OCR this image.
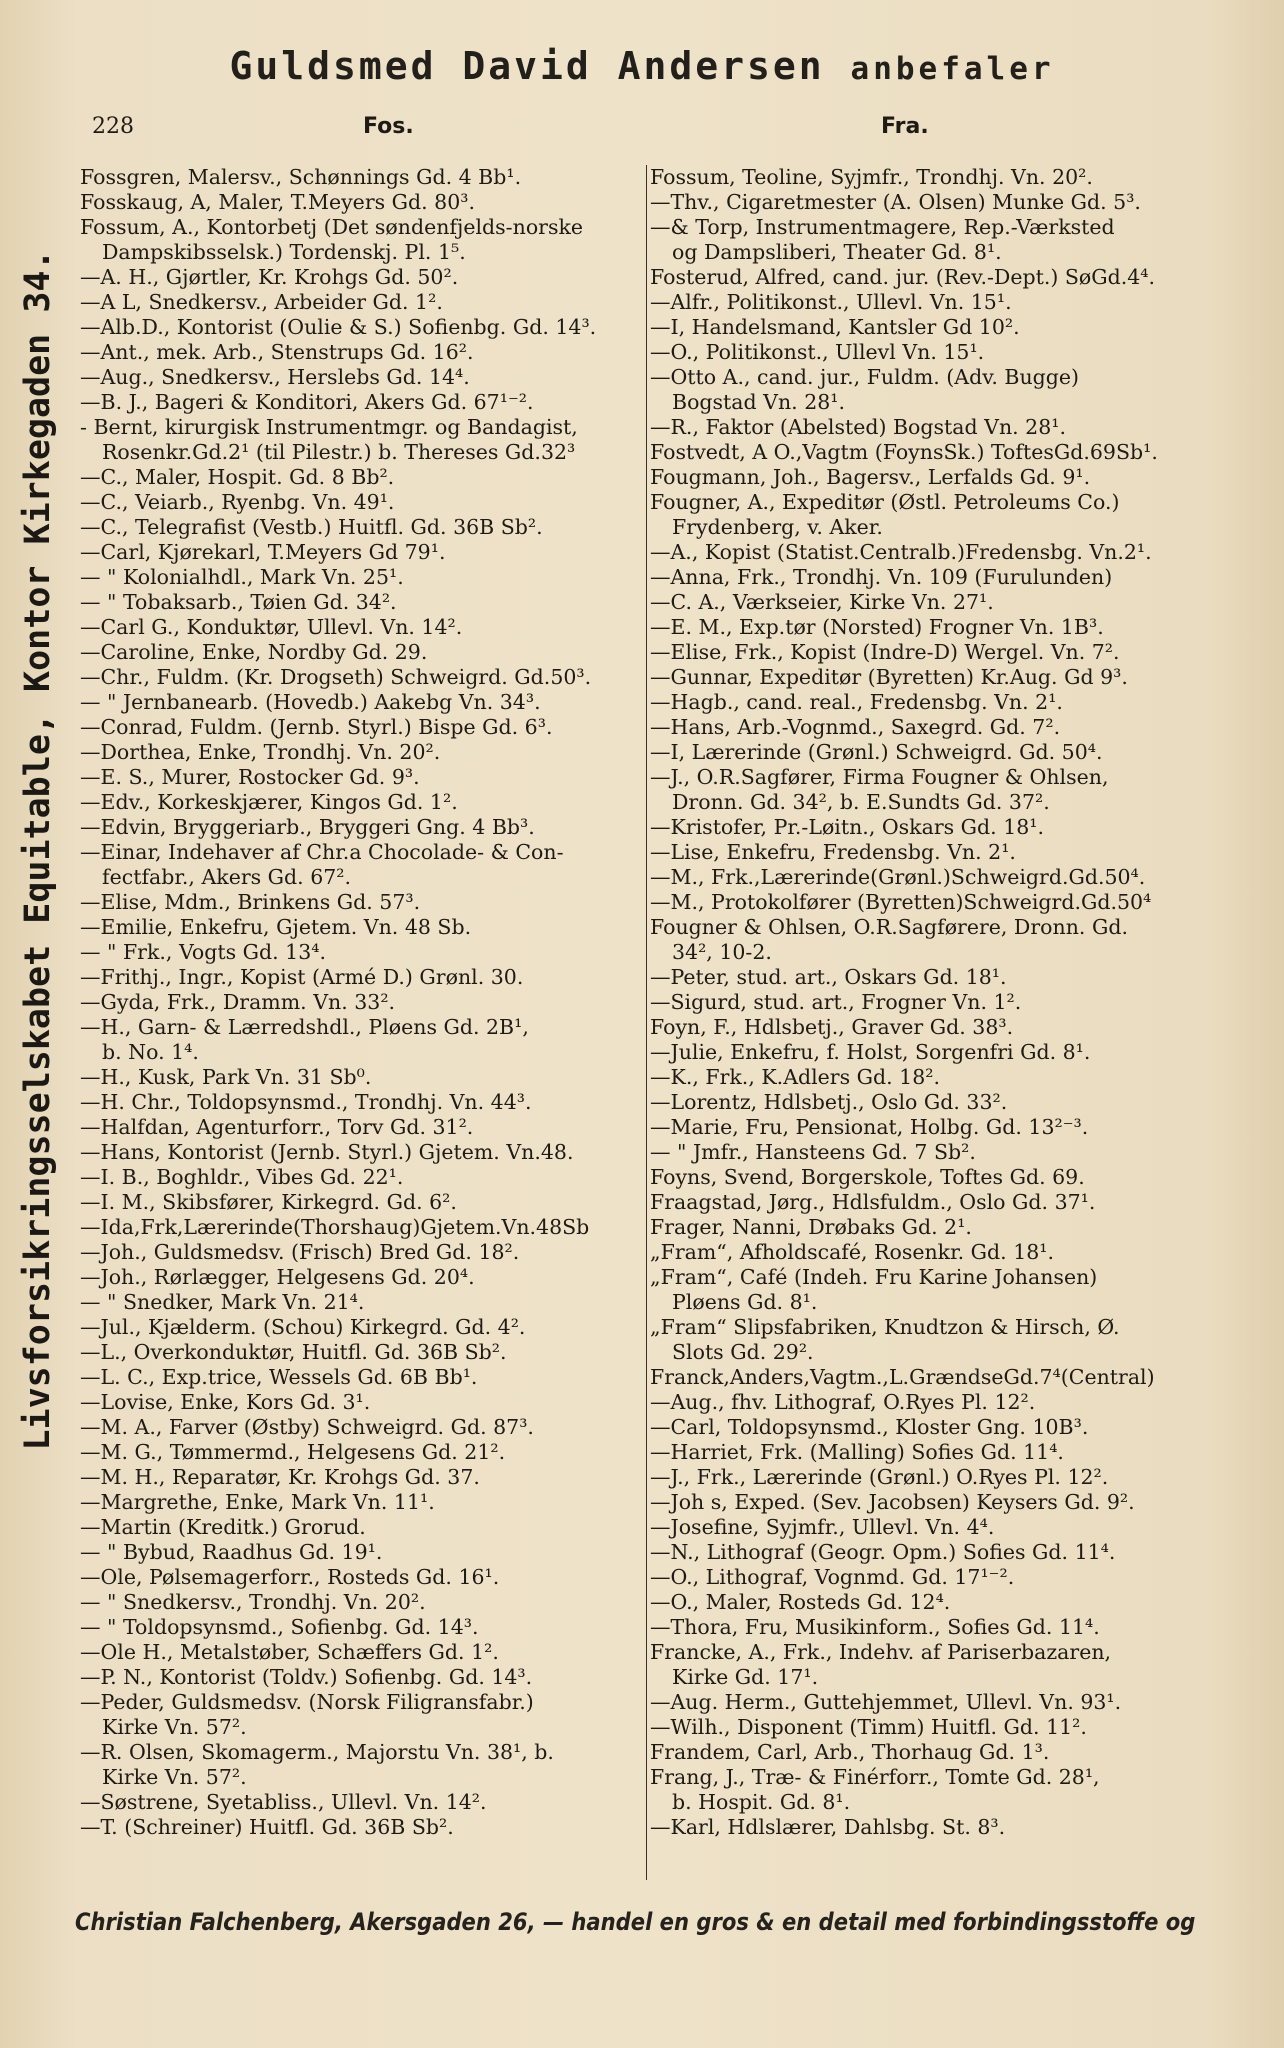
Guldsmed David Andersen anbefaler
228	Fos.	Fra.
Livsforsikringsselskabet Equitable, Kontor Kirkegaden 34.
Fossgren, Malersv., Schønnings Gd. 4 Bb¹.
Fosskaug, A, Maler, T.Meyers Gd. 80³.
Fossum, A., Kontorbetj (Det søndenfjelds-norske
Dampskibsselsk.) Tordenskj. Pl. 1⁵.
—A. H., Gjørtler, Kr. Krohgs Gd. 50².
—A L, Snedkersv., Arbeider Gd. 1².
—Alb.D., Kontorist (Oulie & S.) Sofienbg. Gd. 14³.
—Ant., mek. Arb., Stenstrups Gd. 16².
—Aug., Snedkersv., Herslebs Gd. 14⁴.
—B. J., Bageri & Konditori, Akers Gd. 67¹⁻².
- Bernt, kirurgisk Instrumentmgr. og Bandagist,
Rosenkr.Gd.2¹ (til Pilestr.) b. Thereses Gd.32³
—C., Maler, Hospit. Gd. 8 Bb².
—C., Veiarb., Ryenbg. Vn. 49¹.
—C., Telegrafist (Vestb.) Huitfl. Gd. 36B Sb².
—Carl, Kjørekarl, T.Meyers Gd 79¹.
— " Kolonialhdl., Mark Vn. 25¹.
— " Tobaksarb., Tøien Gd. 34².
—Carl G., Konduktør, Ullevl. Vn. 14².
—Caroline, Enke, Nordby Gd. 29.
—Chr., Fuldm. (Kr. Drogseth) Schweigrd. Gd.50³.
— " Jernbanearb. (Hovedb.) Aakebg Vn. 34³.
—Conrad, Fuldm. (Jernb. Styrl.) Bispe Gd. 6³.
—Dorthea, Enke, Trondhj. Vn. 20².
—E. S., Murer, Rostocker Gd. 9³.
—Edv., Korkeskjærer, Kingos Gd. 1².
—Edvin, Bryggeriarb., Bryggeri Gng. 4 Bb³.
—Einar, Indehaver af Chr.a Chocolade- & Con-
fectfabr., Akers Gd. 67².
—Elise, Mdm., Brinkens Gd. 57³.
—Emilie, Enkefru, Gjetem. Vn. 48 Sb.
— " Frk., Vogts Gd. 13⁴.
—Frithj., Ingr., Kopist (Armé D.) Grønl. 30.
—Gyda, Frk., Dramm. Vn. 33².
—H., Garn- & Lærredshdl., Pløens Gd. 2B¹,
b. No. 1⁴.
—H., Kusk, Park Vn. 31 Sb⁰.
—H. Chr., Toldopsynsmd., Trondhj. Vn. 44³.
—Halfdan, Agenturforr., Torv Gd. 31².
—Hans, Kontorist (Jernb. Styrl.) Gjetem. Vn.48.
—I. B., Boghldr., Vibes Gd. 22¹.
—I. M., Skibsfører, Kirkegrd. Gd. 6².
—Ida,Frk,Lærerinde(Thorshaug)Gjetem.Vn.48Sb
—Joh., Guldsmedsv. (Frisch) Bred Gd. 18².
—Joh., Rørlægger, Helgesens Gd. 20⁴.
— " Snedker, Mark Vn. 21⁴.
—Jul., Kjælderm. (Schou) Kirkegrd. Gd. 4².
—L., Overkonduktør, Huitfl. Gd. 36B Sb².
—L. C., Exp.trice, Wessels Gd. 6B Bb¹.
—Lovise, Enke, Kors Gd. 3¹.
—M. A., Farver (Østby) Schweigrd. Gd. 87³.
—M. G., Tømmermd., Helgesens Gd. 21².
—M. H., Reparatør, Kr. Krohgs Gd. 37.
—Margrethe, Enke, Mark Vn. 11¹.
—Martin (Kreditk.) Grorud.
— " Bybud, Raadhus Gd. 19¹.
—Ole, Pølsemagerforr., Rosteds Gd. 16¹.
— " Snedkersv., Trondhj. Vn. 20².
— " Toldopsynsmd., Sofienbg. Gd. 14³.
—Ole H., Metalstøber, Schæffers Gd. 1².
—P. N., Kontorist (Toldv.) Sofienbg. Gd. 14³.
—Peder, Guldsmedsv. (Norsk Filigransfabr.)
Kirke Vn. 57².
—R. Olsen, Skomagerm., Majorstu Vn. 38¹, b.
Kirke Vn. 57².
—Søstrene, Syetabliss., Ullevl. Vn. 14².
—T. (Schreiner) Huitfl. Gd. 36B Sb².
Fossum, Teoline, Syjmfr., Trondhj. Vn. 20².
—Thv., Cigaretmester (A. Olsen) Munke Gd. 5³.
—& Torp, Instrumentmagere, Rep.-Værksted
og Dampsliberi, Theater Gd. 8¹.
Fosterud, Alfred, cand. jur. (Rev.-Dept.) SøGd.4⁴.
—Alfr., Politikonst., Ullevl. Vn. 15¹.
—I, Handelsmand, Kantsler Gd 10².
—O., Politikonst., Ullevl Vn. 15¹.
—Otto A., cand. jur., Fuldm. (Adv. Bugge)
Bogstad Vn. 28¹.
—R., Faktor (Abelsted) Bogstad Vn. 28¹.
Fostvedt, A O.,Vagtm (FoynsSk.) ToftesGd.69Sb¹.
Fougmann, Joh., Bagersv., Lerfalds Gd. 9¹.
Fougner, A., Expeditør (Østl. Petroleums Co.)
Frydenberg, v. Aker.
—A., Kopist (Statist.Centralb.)Fredensbg. Vn.2¹.
—Anna, Frk., Trondhj. Vn. 109 (Furulunden)
—C. A., Værkseier, Kirke Vn. 27¹.
—E. M., Exp.tør (Norsted) Frogner Vn. 1B³.
—Elise, Frk., Kopist (Indre-D) Wergel. Vn. 7².
—Gunnar, Expeditør (Byretten) Kr.Aug. Gd 9³.
—Hagb., cand. real., Fredensbg. Vn. 2¹.
—Hans, Arb.-Vognmd., Saxegrd. Gd. 7².
—I, Lærerinde (Grønl.) Schweigrd. Gd. 50⁴.
—J., O.R.Sagfører, Firma Fougner & Ohlsen,
Dronn. Gd. 34², b. E.Sundts Gd. 37².
—Kristofer, Pr.-Løitn., Oskars Gd. 18¹.
—Lise, Enkefru, Fredensbg. Vn. 2¹.
—M., Frk.,Lærerinde(Grønl.)Schweigrd.Gd.50⁴.
—M., Protokolfører (Byretten)Schweigrd.Gd.50⁴
Fougner & Ohlsen, O.R.Sagførere, Dronn. Gd.
34², 10-2.
—Peter, stud. art., Oskars Gd. 18¹.
—Sigurd, stud. art., Frogner Vn. 1².
Foyn, F., Hdlsbetj., Graver Gd. 38³.
—Julie, Enkefru, f. Holst, Sorgenfri Gd. 8¹.
—K., Frk., K.Adlers Gd. 18².
—Lorentz, Hdlsbetj., Oslo Gd. 33².
—Marie, Fru, Pensionat, Holbg. Gd. 13²⁻³.
— " Jmfr., Hansteens Gd. 7 Sb².
Foyns, Svend, Borgerskole, Toftes Gd. 69.
Fraagstad, Jørg., Hdlsfuldm., Oslo Gd. 37¹.
Frager, Nanni, Drøbaks Gd. 2¹.
„Fram“, Afholdscafé, Rosenkr. Gd. 18¹.
„Fram“, Café (Indeh. Fru Karine Johansen)
Pløens Gd. 8¹.
„Fram“ Slipsfabriken, Knudtzon & Hirsch, Ø.
Slots Gd. 29².
Franck,Anders,Vagtm.,L.GrændseGd.7⁴(Central)
—Aug., fhv. Lithograf, O.Ryes Pl. 12².
—Carl, Toldopsynsmd., Kloster Gng. 10B³.
—Harriet, Frk. (Malling) Sofies Gd. 11⁴.
—J., Frk., Lærerinde (Grønl.) O.Ryes Pl. 12².
—Joh s, Exped. (Sev. Jacobsen) Keysers Gd. 9².
—Josefine, Syjmfr., Ullevl. Vn. 4⁴.
—N., Lithograf (Geogr. Opm.) Sofies Gd. 11⁴.
—O., Lithograf, Vognmd. Gd. 17¹⁻².
—O., Maler, Rosteds Gd. 12⁴.
—Thora, Fru, Musikinform., Sofies Gd. 11⁴.
Francke, A., Frk., Indehv. af Pariserbazaren,
Kirke Gd. 17¹.
—Aug. Herm., Guttehjemmet, Ullevl. Vn. 93¹.
—Wilh., Disponent (Timm) Huitfl. Gd. 11².
Frandem, Carl, Arb., Thorhaug Gd. 1³.
Frang, J., Træ- & Finérforr., Tomte Gd. 28¹,
b. Hospit. Gd. 8¹.
—Karl, Hdlslærer, Dahlsbg. St. 8³.
Christian Falchenberg, Akersgaden 26, — handel en gros & en detail med forbindingsstoffe og
